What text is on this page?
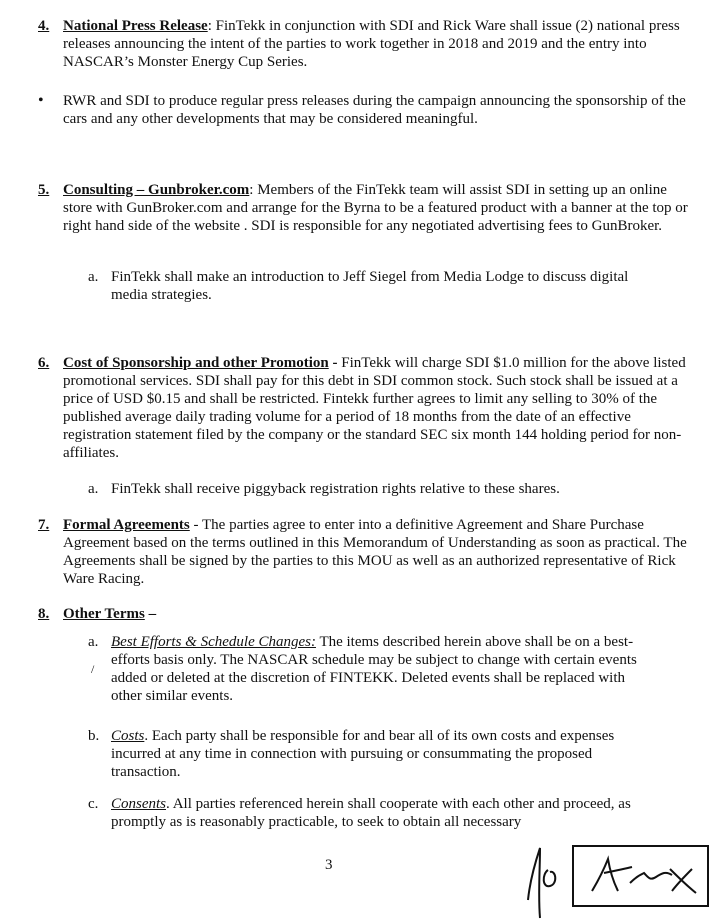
4. National Press Release: FinTekk in conjunction with SDI and Rick Ware shall issue (2) national press releases announcing the intent of the parties to work together in 2018 and 2019 and the entry into NASCAR’s Monster Energy Cup Series.
• RWR and SDI to produce regular press releases during the campaign announcing the sponsorship of the cars and any other developments that may be considered meaningful.
5. Consulting – Gunbroker.com: Members of the FinTekk team will assist SDI in setting up an online store with GunBroker.com and arrange for the Byrna to be a featured product with a banner at the top or right hand side of the website . SDI is responsible for any negotiated advertising fees to GunBroker.
a. FinTekk shall make an introduction to Jeff Siegel from Media Lodge to discuss digital media strategies.
6. Cost of Sponsorship and other Promotion - FinTekk will charge SDI $1.0 million for the above listed promotional services. SDI shall pay for this debt in SDI common stock. Such stock shall be issued at a price of USD $0.15 and shall be restricted. Fintekk further agrees to limit any selling to 30% of the published average daily trading volume for a period of 18 months from the date of an effective registration statement filed by the company or the standard SEC six month 144 holding period for non-affiliates.
a. FinTekk shall receive piggyback registration rights relative to these shares.
7. Formal Agreements - The parties agree to enter into a definitive Agreement and Share Purchase Agreement based on the terms outlined in this Memorandum of Understanding as soon as practical. The Agreements shall be signed by the parties to this MOU as well as an authorized representative of Rick Ware Racing.
8. Other Terms –
a. Best Efforts & Schedule Changes: The items described herein above shall be on a best-efforts basis only. The NASCAR schedule may be subject to change with certain events added or deleted at the discretion of FINTEKK. Deleted events shall be replaced with other similar events.
/
b. Costs. Each party shall be responsible for and bear all of its own costs and expenses incurred at any time in connection with pursuing or consummating the proposed transaction.
c. Consents. All parties referenced herein shall cooperate with each other and proceed, as promptly as is reasonably practicable, to seek to obtain all necessary
3
